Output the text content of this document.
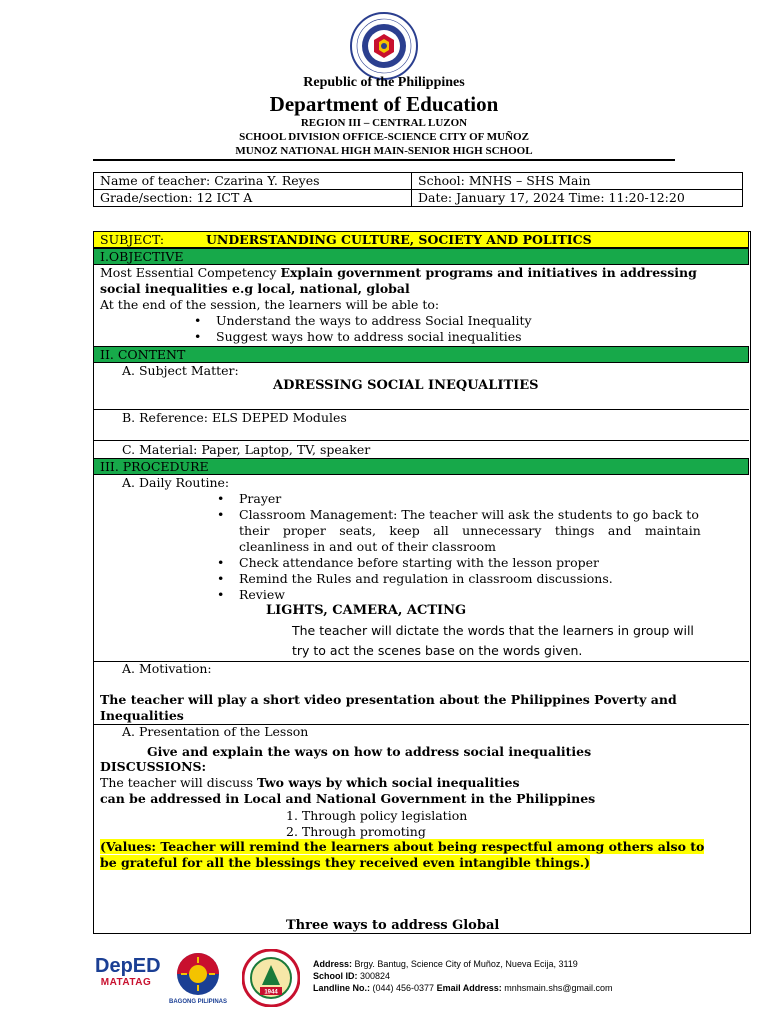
Republic of the Philippines
Department of Education
REGION III – CENTRAL LUZON
SCHOOL DIVISION OFFICE-SCIENCE CITY OF MUÑOZ
MUNOZ NATIONAL HIGH MAIN-SENIOR HIGH SCHOOL
Name of teacher: Czarina Y. Reyes	School: MNHS – SHS Main
Grade/section: 12 ICT A	Date: January 17, 2024 Time: 11:20-12:20
SUBJECT:	UNDERSTANDING CULTURE, SOCIETY AND POLITICS
I.OBJECTIVE
Most Essential Competency Explain government programs and initiatives in addressing
social inequalities e.g local, national, global
At the end of the session, the learners will be able to:
• Understand the ways to address Social Inequality
• Suggest ways how to address social inequalities
II. CONTENT
A. Subject Matter:
ADRESSING SOCIAL INEQUALITIES
B. Reference: ELS DEPED Modules
C. Material: Paper, Laptop, TV, speaker
III. PROCEDURE
A. Daily Routine:
• Prayer
• Classroom Management: The teacher will ask the students to go back to
their proper seats, keep all unnecessary things and maintain
cleanliness in and out of their classroom
• Check attendance before starting with the lesson proper
• Remind the Rules and regulation in classroom discussions.
• Review
LIGHTS, CAMERA, ACTING
The teacher will dictate the words that the learners in group will
try to act the scenes base on the words given.
A. Motivation:
The teacher will play a short video presentation about the Philippines Poverty and
Inequalities
A. Presentation of the Lesson
Give and explain the ways on how to address social inequalities
DISCUSSIONS:
The teacher will discuss Two ways by which social inequalities
can be addressed in Local and National Government in the Philippines
1. Through policy legislation
2. Through promoting
(Values: Teacher will remind the learners about being respectful among others also to
be grateful for all the blessings they received even intangible things.)
Three ways to address Global
DepED
MATATAG
BAGONG PILIPINAS
1944
Address: Brgy. Bantug, Science City of Muñoz, Nueva Ecija, 3119
School ID: 300824
Landline No.: (044) 456-0377 Email Address: mnhsmain.shs@gmail.com
